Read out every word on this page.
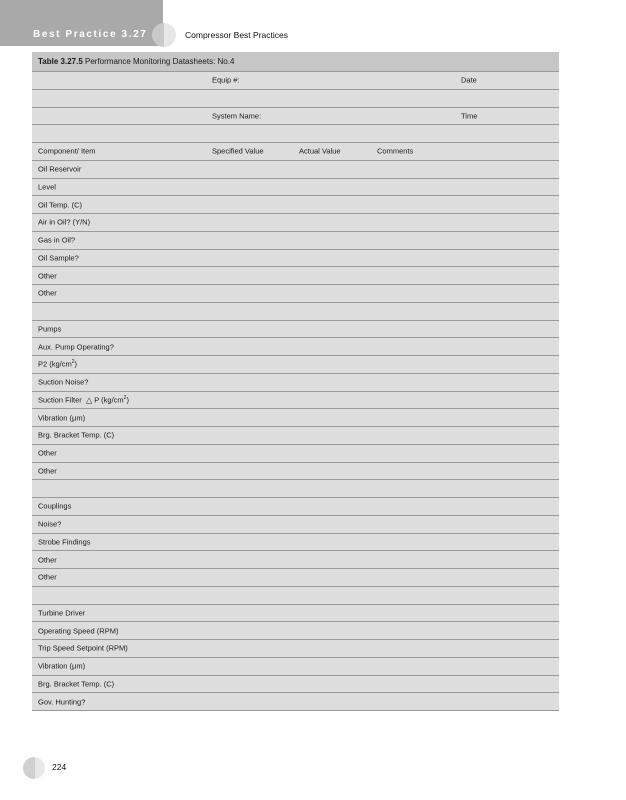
Best Practice 3.27	Compressor Best Practices
Table 3.27.5 Performance Monitoring Datasheets: No.4
Equip #:	Date
System Name:	Time
Component/ Item	Specified Value	Actual Value	Comments
Oil Reservoir
Level
Oil Temp. (C)
Air in Oil? (Y/N)
Gas in Oil?
Oil Sample?
Other
Other
Pumps
Aux. Pump Operating?
P2 $(kg/cm^2)$
Suction Noise?
Suction Filter △ P $(kg/cm^2)$
Vibration (μm)
Brg. Bracket Temp. (C)
Other
Other
Couplings
Noise?
Strobe Findings
Other
Other
Turbine Driver
Operating Speed (RPM)
Trip Speed Setpoint (RPM)
Vibration (μm)
Brg. Bracket Temp. (C)
Gov. Hunting?
224
